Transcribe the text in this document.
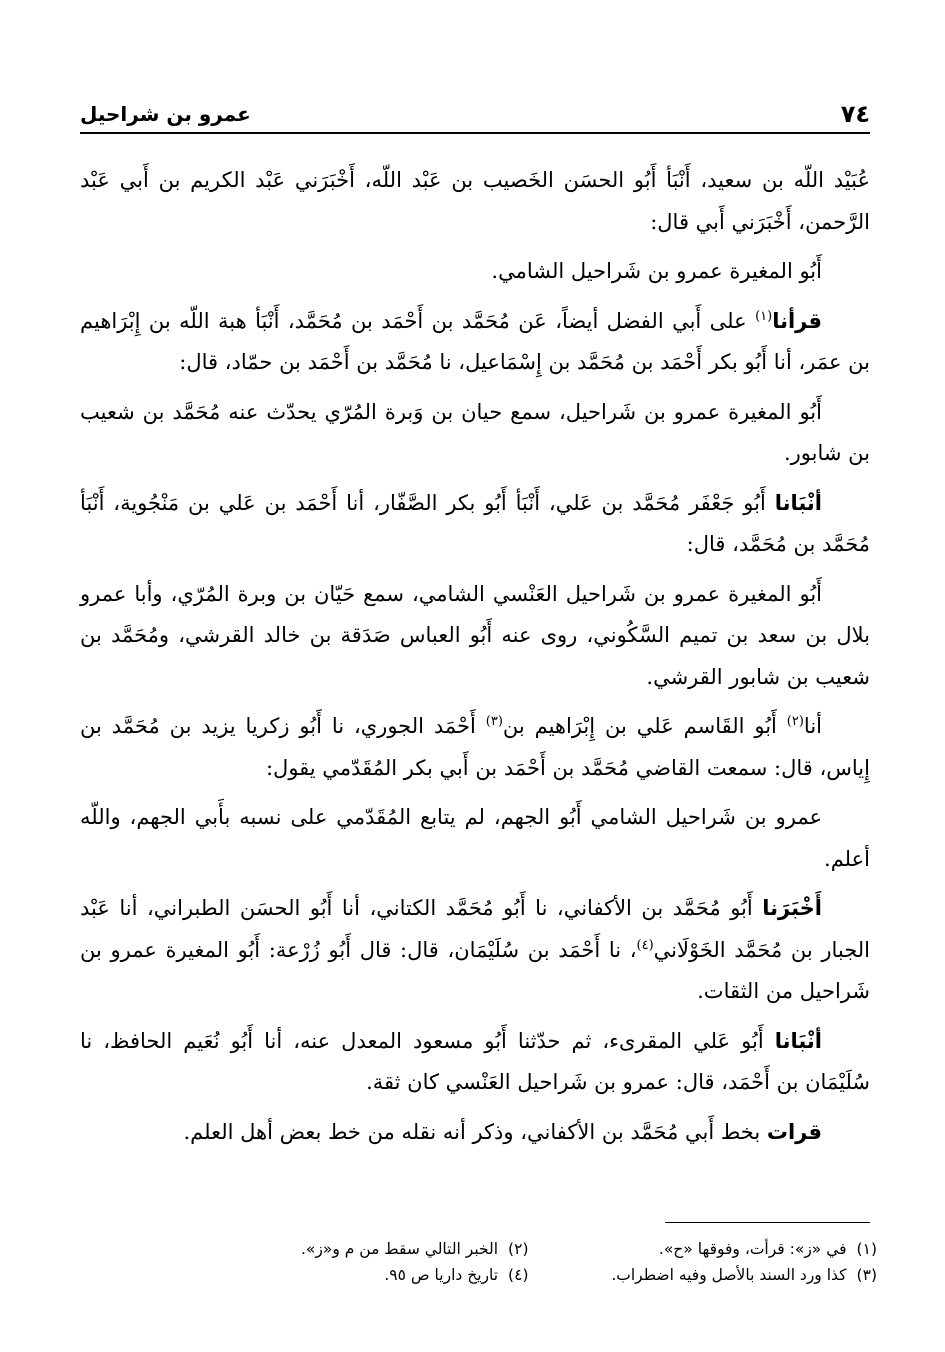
٧٤
عمرو بن شراحيل

عُبَيْد اللّه بن سعيد، أَنْبَأ أَبُو الحسَن الخَصيب بن عَبْد اللّه، أَخْبَرَني عَبْد الكريم بن أَبي عَبْد الرَّحمن، أَخْبَرَني أَبي قال:

أَبُو المغيرة عمرو بن شَراحيل الشامي.

قرأنا$^{(١)}$ على أَبي الفضل أيضاً، عَن مُحَمَّد بن أَحْمَد بن مُحَمَّد، أَنْبَأ هبة اللّه بن إِبْرَاهيم بن عمَر، أنا أَبُو بكر أَحْمَد بن مُحَمَّد بن إِسْمَاعيل، نا مُحَمَّد بن أَحْمَد بن حمّاد، قال:

أَبُو المغيرة عمرو بن شَراحيل، سمع حيان بن وَبرة المُرّي يحدّث عنه مُحَمَّد بن شعيب بن شابور.

أنْبَانا أَبُو جَعْفَر مُحَمَّد بن عَلي، أَنْبَأ أَبُو بكر الصَّفّار، أنا أَحْمَد بن عَلي بن مَنْجُوية، أَنْبَأ مُحَمَّد بن مُحَمَّد، قال:

أَبُو المغيرة عمرو بن شَراحيل العَنْسي الشامي، سمع حَيّان بن وبرة المُرّي، وأبا عمرو بلال بن سعد بن تميم السَّكُوني، روى عنه أَبُو العباس صَدَقة بن خالد القرشي، ومُحَمَّد بن شعيب بن شابور القرشي.

أنا$^{(٢)}$ أَبُو القَاسم عَلي بن إِبْرَاهيم بن$^{(٣)}$ أَحْمَد الجوري، نا أَبُو زكريا يزيد بن مُحَمَّد بن إِياس، قال: سمعت القاضي مُحَمَّد بن أَحْمَد بن أَبي بكر المُقَدّمي يقول:

عمرو بن شَراحيل الشامي أَبُو الجهم، لم يتابع المُقَدّمي على نسبه بأَبي الجهم، واللّه أعلم.

أَخْبَرَنا أَبُو مُحَمَّد بن الأكفاني، نا أَبُو مُحَمَّد الكتاني، أنا أَبُو الحسَن الطبراني، أنا عَبْد الجبار بن مُحَمَّد الخَوْلَاني$^{(٤)}$، نا أَحْمَد بن سُلَيْمَان، قال: قال أَبُو زُرْعة: أَبُو المغيرة عمرو بن شَراحيل من الثقات.

أنْبَانا أَبُو عَلي المقرىء، ثم حدّثنا أَبُو مسعود المعدل عنه، أنا أَبُو نُعَيم الحافظ، نا سُلَيْمَان بن أَحْمَد، قال: عمرو بن شَراحيل العَنْسي كان ثقة.

قرات بخط أَبي مُحَمَّد بن الأكفاني، وذكر أنه نقله من خط بعض أهل العلم.

(١)في «ز»: قرأت، وفوقها «ح».
(٢)الخبر التالي سقط من م و«ز».
(٣)كذا ورد السند بالأصل وفيه اضطراب.
(٤)تاريخ داريا ص ٩٥.
